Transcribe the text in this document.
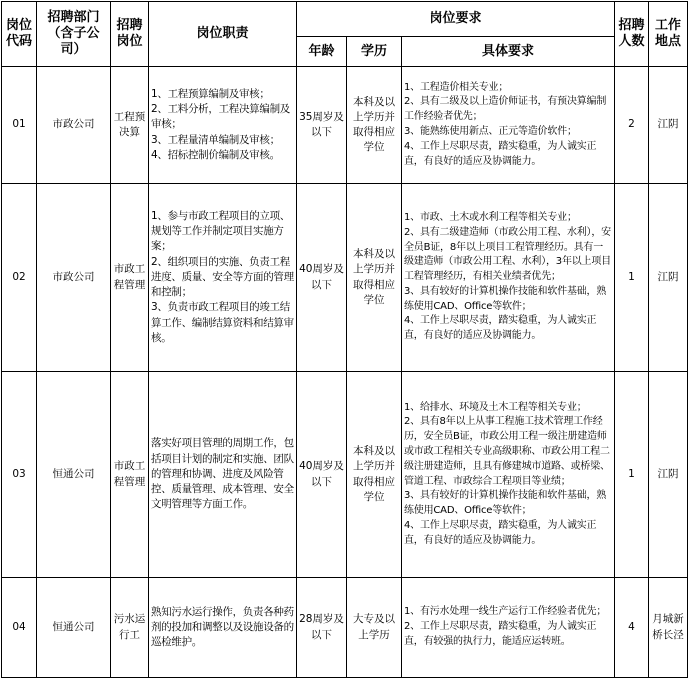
岗位代码	招聘部门（含子公司）	招聘岗位	岗位职责	岗位要求			招聘人数	工作地点
				年龄	学历	具体要求		
01	市政公司	工程预决算	1、工程预算编制及审核；
2、工料分析，工程决算编制及审核；
3、工程量清单编制及审核；
4、招标控制价编制及审核。	35周岁及以下	本科及以上学历并取得相应学位	1、工程造价相关专业；
2、具有二级及以上造价师证书，有预决算编制工作经验者优先；
3、能熟练使用新点、正元等造价软件；
4、工作上尽职尽责，踏实稳重，为人诚实正直，有良好的适应及协调能力。	2	江阴
02	市政公司	市政工程管理	1、参与市政工程项目的立项、规划等工作并制定项目实施方案；
2、组织项目的实施、负责工程进度、质量、安全等方面的管理和控制；
3、负责市政工程项目的竣工结算工作、编制结算资料和结算审核。	40周岁及以下	本科及以上学历并取得相应学位	1、市政、土木或水利工程等相关专业；
2、具有二级建造师（市政公用工程、水利），安全员B证，8年以上项目工程管理经历。具有一级建造师（市政公用工程、水利），3年以上项目工程管理经历，有相关业绩者优先；
3、具有较好的计算机操作技能和软件基础，熟练使用CAD、Office等软件；
4、工作上尽职尽责，踏实稳重，为人诚实正直，有良好的适应及协调能力。	1	江阴
03	恒通公司	市政工程管理	落实好项目管理的周期工作，包括项目计划的制定和实施、团队的管理和协调、进度及风险管控、质量管理、成本管理、安全文明管理等方面工作。	40周岁及以下	本科及以上学历并取得相应学位	1、给排水、环境及土木工程等相关专业；
2、具有8年以上从事工程施工技术管理工作经历，安全员B证，市政公用工程一级注册建造师或市政工程相关专业高级职称、市政公用工程二级注册建造师，且具有修建城市道路、或桥梁、管道工程、市政综合工程项目等业绩；
3、具有较好的计算机操作技能和软件基础，熟练使用CAD、Office等软件；
4、工作上尽职尽责，踏实稳重，为人诚实正直，有良好的适应及协调能力。	1	江阴
04	恒通公司	污水运行工	熟知污水运行操作，负责各种药剂的投加和调整以及设施设备的巡检维护。	28周岁及以下	大专及以上学历	1、有污水处理一线生产运行工作经验者优先；
2、工作上尽职尽责，踏实稳重，为人诚实正直，有较强的执行力，能适应运转班。	4	月城新桥长泾
